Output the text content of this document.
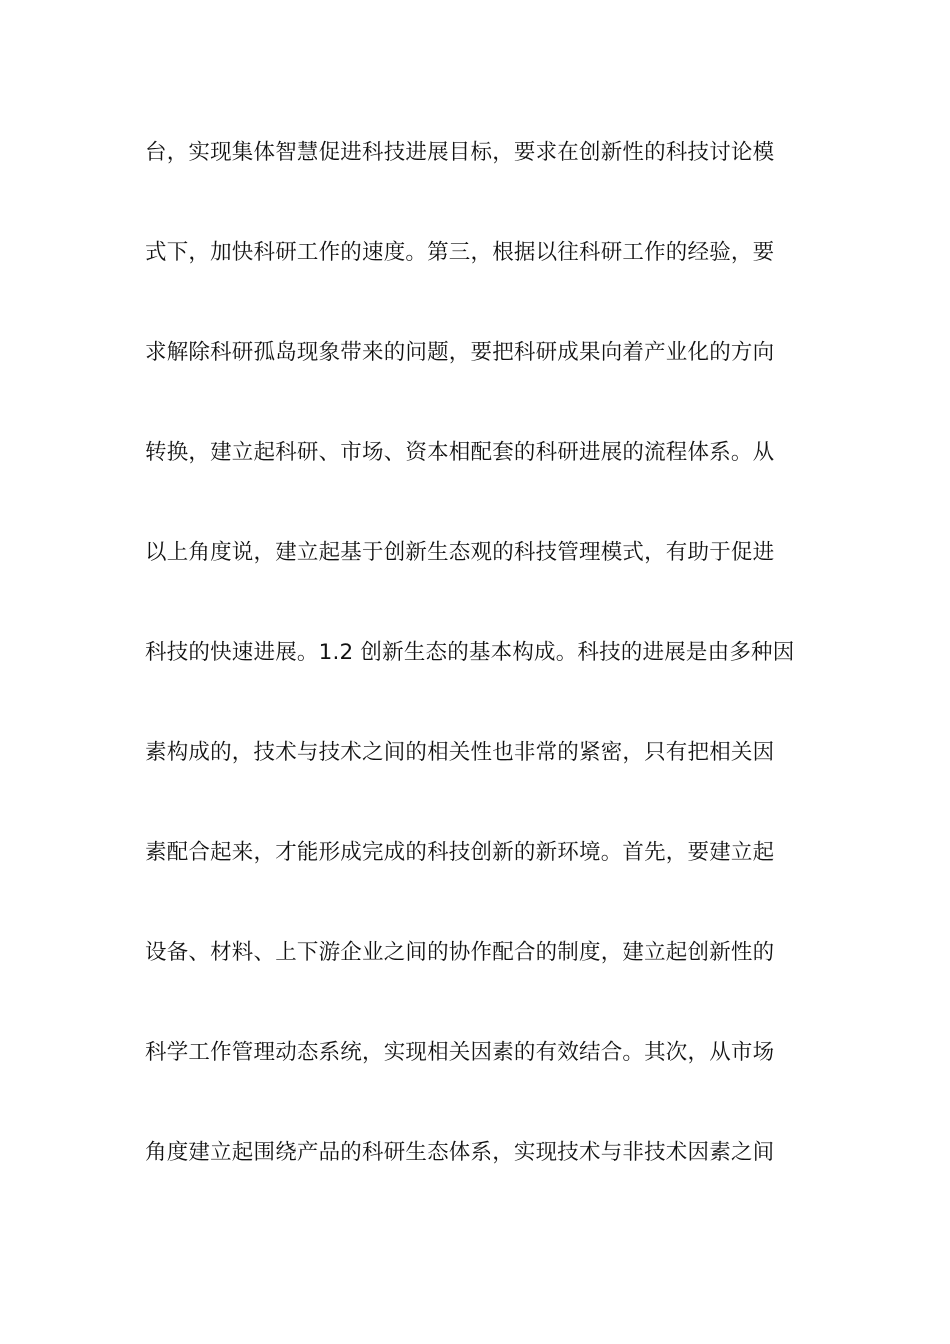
台，实现集体智慧促进科技进展目标，要求在创新性的科技讨论模
式下，加快科研工作的速度。第三，根据以往科研工作的经验，要
求解除科研孤岛现象带来的问题，要把科研成果向着产业化的方向
转换，建立起科研、市场、资本相配套的科研进展的流程体系。从
以上角度说，建立起基于创新生态观的科技管理模式，有助于促进
科技的快速进展。1.2 创新生态的基本构成。科技的进展是由多种因
素构成的，技术与技术之间的相关性也非常的紧密，只有把相关因
素配合起来，才能形成完成的科技创新的新环境。首先，要建立起
设备、材料、上下游企业之间的协作配合的制度，建立起创新性的
科学工作管理动态系统，实现相关因素的有效结合。其次，从市场
角度建立起围绕产品的科研生态体系，实现技术与非技术因素之间
